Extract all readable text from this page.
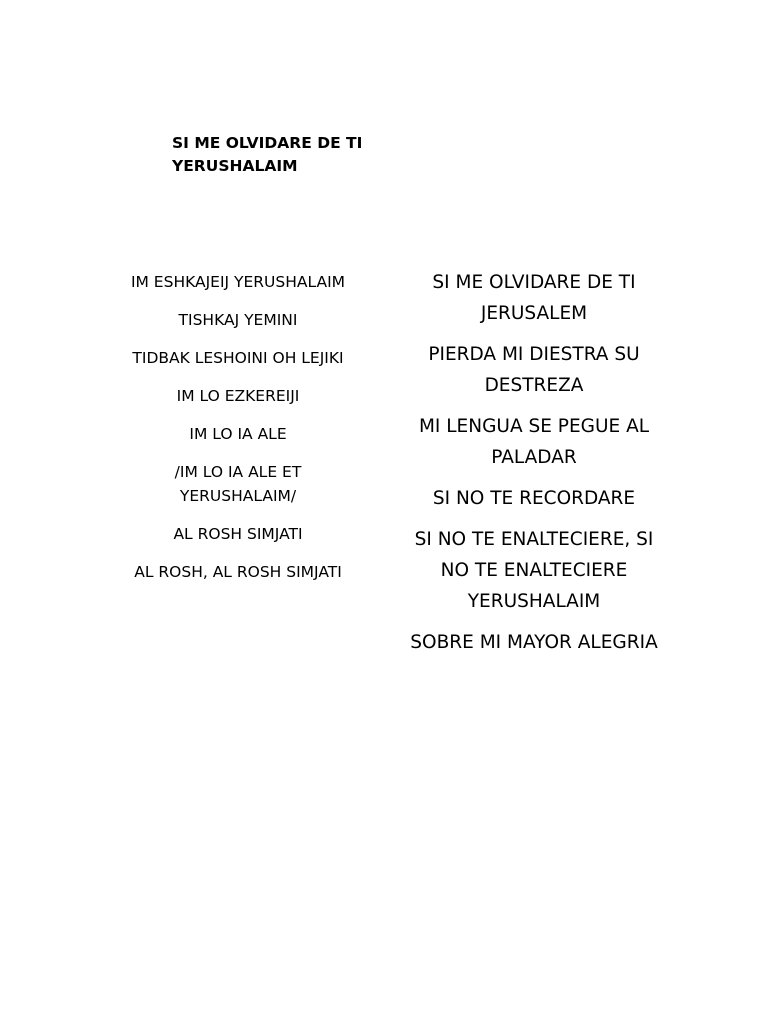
SI ME OLVIDARE DE TI
YERUSHALAIM
IM ESHKAJEIJ YERUSHALAIM
TISHKAJ YEMINI
TIDBAK LESHOINI OH LEJIKI
IM LO EZKEREIJI
IM LO IA ALE
/IM LO IA ALE ET YERUSHALAIM/
AL ROSH SIMJATI
AL ROSH, AL ROSH SIMJATI
SI ME OLVIDARE DE TI JERUSALEM
PIERDA MI DIESTRA SU DESTREZA
MI LENGUA SE PEGUE AL PALADAR
SI NO TE RECORDARE
SI NO TE ENALTECIERE, SI NO TE ENALTECIERE YERUSHALAIM
SOBRE MI MAYOR ALEGRIA
